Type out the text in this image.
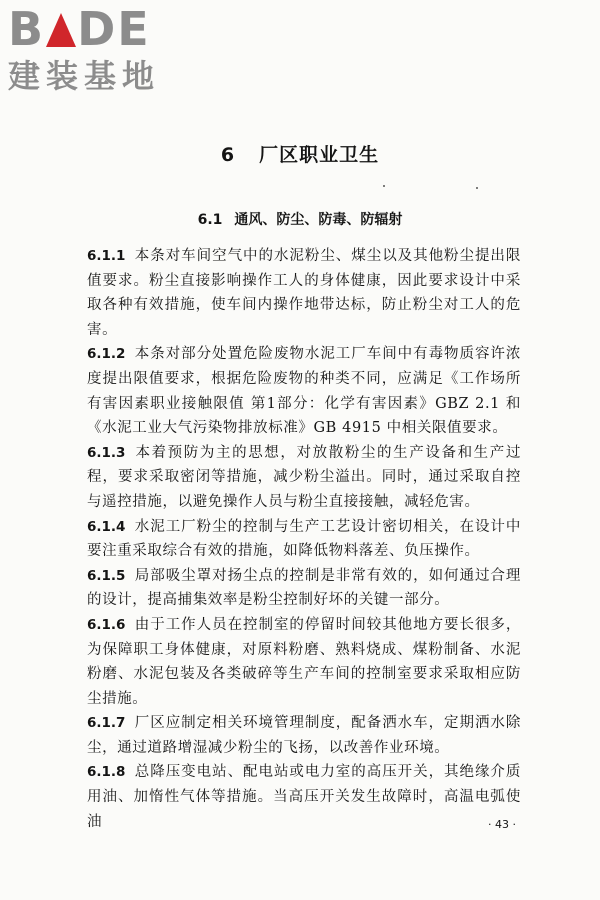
B DE
建装基地
6 厂区职业卫生
6.1 通风、防尘、防毒、防辐射

6.1.1 本条对车间空气中的水泥粉尘、煤尘以及其他粉尘提出限值要求。粉尘直接影响操作工人的身体健康，因此要求设计中采取各种有效措施，使车间内操作地带达标，防止粉尘对工人的危害。

6.1.2 本条对部分处置危险废物水泥工厂车间中有毒物质容许浓度提出限值要求，根据危险废物的种类不同，应满足《工作场所有害因素职业接触限值 第1部分：化学有害因素》GBZ 2.1 和《水泥工业大气污染物排放标准》GB 4915 中相关限值要求。

6.1.3 本着预防为主的思想，对放散粉尘的生产设备和生产过程，要求采取密闭等措施，减少粉尘溢出。同时，通过采取自控与遥控措施，以避免操作人员与粉尘直接接触，减轻危害。

6.1.4 水泥工厂粉尘的控制与生产工艺设计密切相关，在设计中要注重采取综合有效的措施，如降低物料落差、负压操作。

6.1.5 局部吸尘罩对扬尘点的控制是非常有效的，如何通过合理的设计，提高捕集效率是粉尘控制好坏的关键一部分。

6.1.6 由于工作人员在控制室的停留时间较其他地方要长很多，为保障职工身体健康，对原料粉磨、熟料烧成、煤粉制备、水泥粉磨、水泥包装及各类破碎等生产车间的控制室要求采取相应防尘措施。

6.1.7 厂区应制定相关环境管理制度，配备洒水车，定期洒水除尘，通过道路增湿减少粉尘的飞扬，以改善作业环境。

6.1.8 总降压变电站、配电站或电力室的高压开关，其绝缘介质用油、加惰性气体等措施。当高压开关发生故障时，高温电弧使油	· 43 ·
